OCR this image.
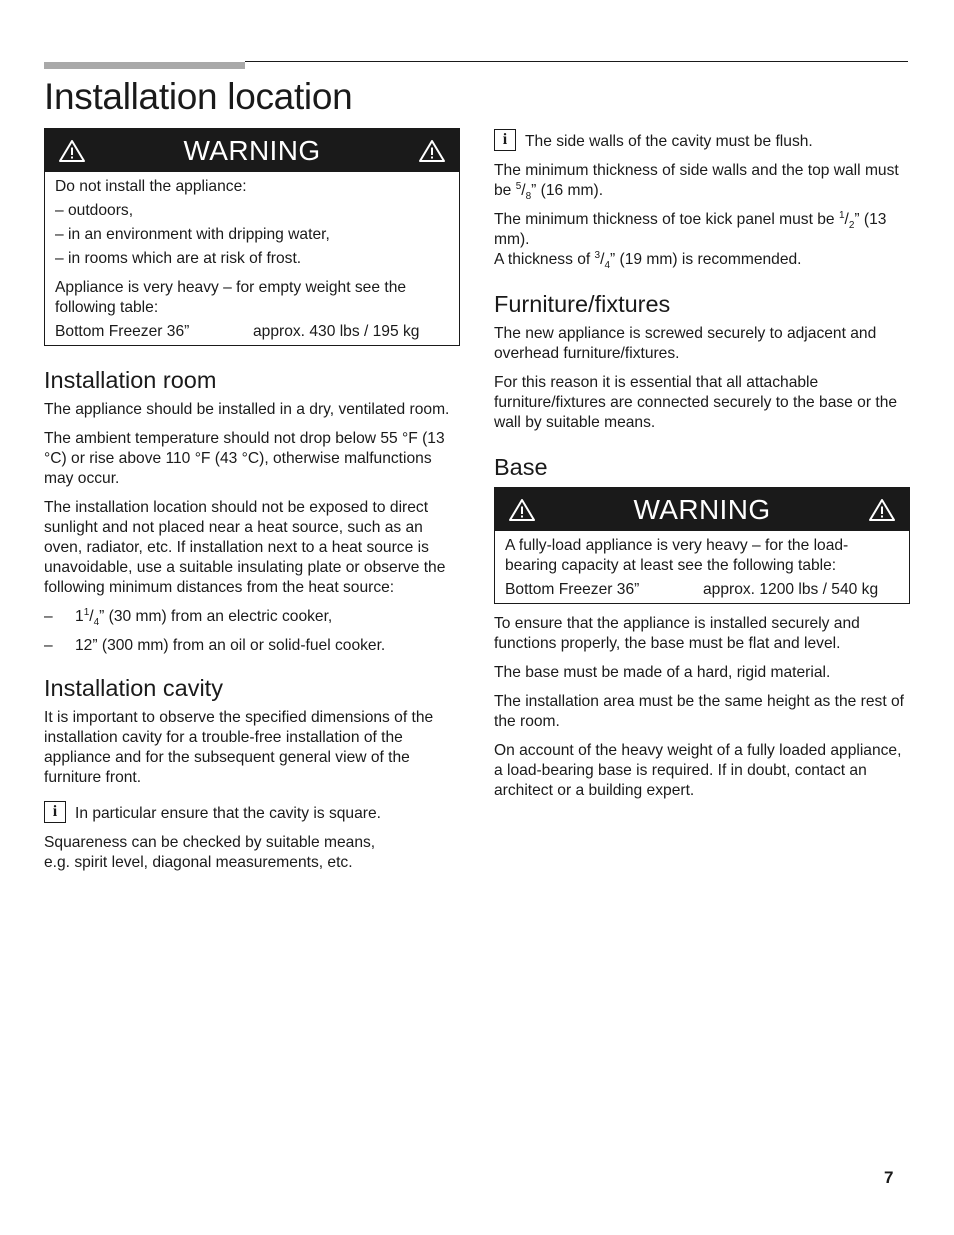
Installation location
WARNING

Do not install the appliance:

– outdoors,

– in an environment with dripping water,

– in rooms which are at risk of frost.

Appliance is very heavy – for empty weight see the following table:

Bottom Freezer 36”	approx. 430 lbs / 195 kg
Installation room

The appliance should be installed in a dry, ventilated room.

The ambient temperature should not drop below 55 °F (13 °C) or rise above 110 °F (43 °C), otherwise malfunctions may occur.

The installation location should not be exposed to direct sunlight and not placed near a heat source, such as an oven, radiator, etc. If installation next to a heat source is unavoidable, use a suitable insulating plate or observe the following minimum distances from the heat source:

–	$1^1/_4$” (30 mm) from an electric cooker,
–	12” (300 mm) from an oil or solid-fuel cooker.
Installation cavity

It is important to observe the specified dimensions of the installation cavity for a trouble-free installation of the appliance and for the subsequent general view of the furniture front.

i	In particular ensure that the cavity is square.

Squareness can be checked by suitable means, e.g. spirit level, diagonal measurements, etc.

i	The side walls of the cavity must be flush.

The minimum thickness of side walls and the top wall must be $^5/_8$” (16 mm).

The minimum thickness of toe kick panel must be $^1/_2$” (13 mm).

A thickness of $^3/_4$” (19 mm) is recommended.

Furniture/fixtures

The new appliance is screwed securely to adjacent and overhead furniture/fixtures.

For this reason it is essential that all attachable furniture/fixtures are connected securely to the base or the wall by suitable means.

Base
WARNING

A fully-load appliance is very heavy – for the load-bearing capacity at least see the following table:

Bottom Freezer 36”	approx. 1200 lbs / 540 kg

To ensure that the appliance is installed securely and functions properly, the base must be flat and level.

The base must be made of a hard, rigid material.

The installation area must be the same height as the rest of the room.

On account of the heavy weight of a fully loaded appliance, a load-bearing base is required. If in doubt, contact an architect or a building expert.

7
